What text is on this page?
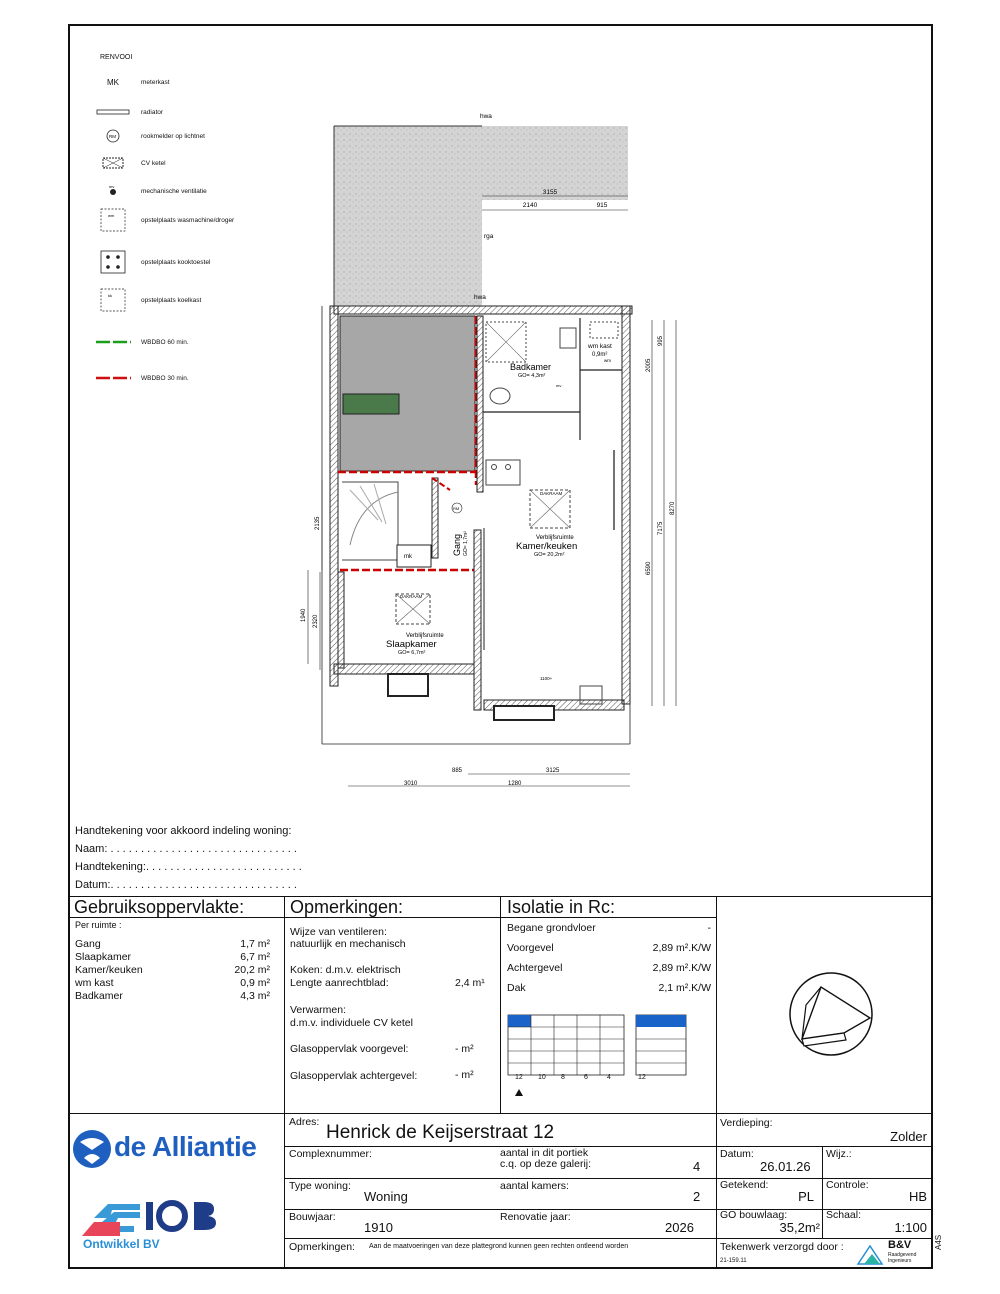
RENVOOI
MK	meterkast
radiator
RM	rookmelder op lichtnet
CV ketel
mv
mechanische ventilatie
wm
opstelplaats wasmachine/droger
opstelplaats kooktoestel
kk
opstelplaats koelkast
WBDBO 60 min.
WBDBO 30 min.
3155
2140	915
hwa
rga
hwa
Badkamer
GO= 4,3m²
wm kast
0,9m²
wm
Verblijfsruimte
Kamer/keuken
GO= 20,2m²
DAKRAAM
DAKRAAM
Verblijfsruimte
Slaapkamer
GO= 6,7m²
mk
Gang GO= 1,7m²
RM
mv
1100+
2005
995
6590
7175
8270
2135
1940 2320
885	3125
3010	1280
Handtekening voor akkoord indeling woning:
Naam: . . . . . . . . . . . . . . . . . . . . . . . . . . . . . . .
Handtekening:. . . . . . . . . . . . . . . . . . . . . . . . . .
Datum:. . . . . . . . . . . . . . . . . . . . . . . . . . . . . . .
Gebruiksoppervlakte:
Per ruimte :
Gang	1,7 m²
Slaapkamer	6,7 m²
Kamer/keuken	20,2 m²
wm kast	0,9 m²
Badkamer	4,3 m²
Opmerkingen:
Wijze van ventileren:
natuurlijk en mechanisch
Koken: d.m.v. elektrisch
Lengte aanrechtblad:	2,4 m¹
Verwarmen:
d.m.v. individuele CV ketel
Glasoppervlak voorgevel:	- m²
Glasoppervlak achtergevel:	- m²
Isolatie in Rc:
Begane grondvloer	-
Voorgevel	2,89 m².K/W
Achtergevel	2,89 m².K/W
Dak	2,1 m².K/W
12 10 8	6	4	12
de Alliantie
Ontwikkel BV
Adres: Henrick de Keijserstraat 12
Complexnummer:	aantal in dit portiek
c.q. op deze galerij:	4
Type woning:
Woning
aantal kamers:
2
Bouwjaar:
1910
Renovatie jaar:
2026
Opmerkingen: Aan de maatvoeringen van deze plattegrond kunnen geen rechten ontleend worden
Verdieping:
Zolder
Datum:
26.01.26
Wijz.:
Getekend:
PL
Controle:
HB
GO bouwlaag:
35,2m²
Schaal:
1:100
Tekenwerk verzorgd door :
21-159.11
B&V
Raadgevend
Ingenieurs
A4S
